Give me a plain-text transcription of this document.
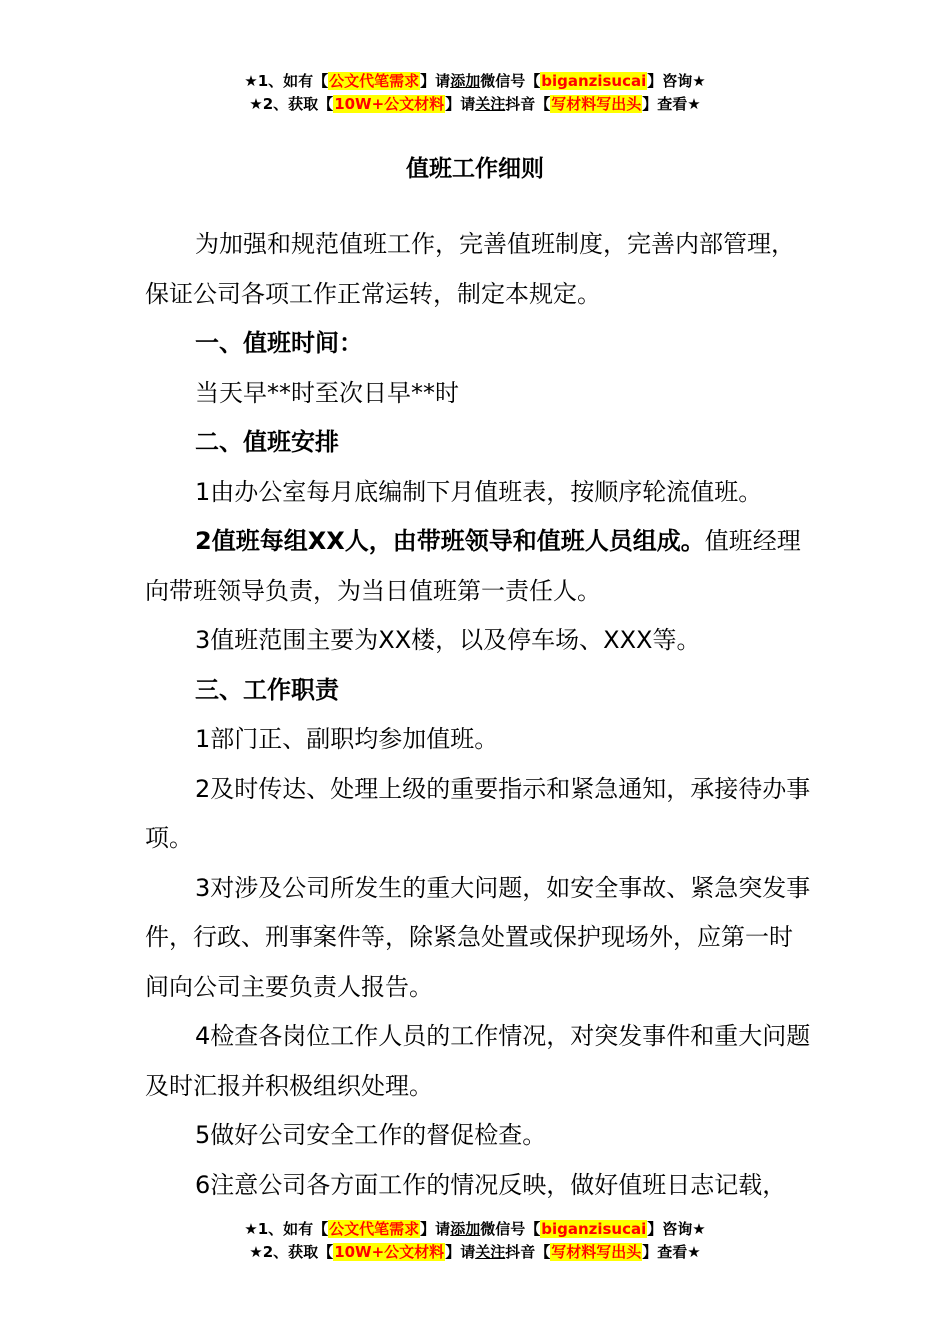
★1、如有【公文代笔需求】请添加微信号【biganzisucai】咨询★
★2、获取【10W+公文材料】请关注抖音【写材料写出头】查看★
值班工作细则

为加强和规范值班工作，完善值班制度，完善内部管理，保证公司各项工作正常运转，制定本规定。

一、值班时间：

当天早**时至次日早**时

二、值班安排

1由办公室每月底编制下月值班表，按顺序轮流值班。

2值班每组XX人，由带班领导和值班人员组成。值班经理向带班领导负责，为当日值班第一责任人。

3值班范围主要为XX楼，以及停车场、XXX等。

三、工作职责

1部门正、副职均参加值班。

2及时传达、处理上级的重要指示和紧急通知，承接待办事项。

3对涉及公司所发生的重大问题，如安全事故、紧急突发事件，行政、刑事案件等，除紧急处置或保护现场外，应第一时间向公司主要负责人报告。

4检查各岗位工作人员的工作情况，对突发事件和重大问题及时汇报并积极组织处理。

5做好公司安全工作的督促检查。

6注意公司各方面工作的情况反映，做好值班日志记载，

★1、如有【公文代笔需求】请添加微信号【biganzisucai】咨询★
★2、获取【10W+公文材料】请关注抖音【写材料写出头】查看★
